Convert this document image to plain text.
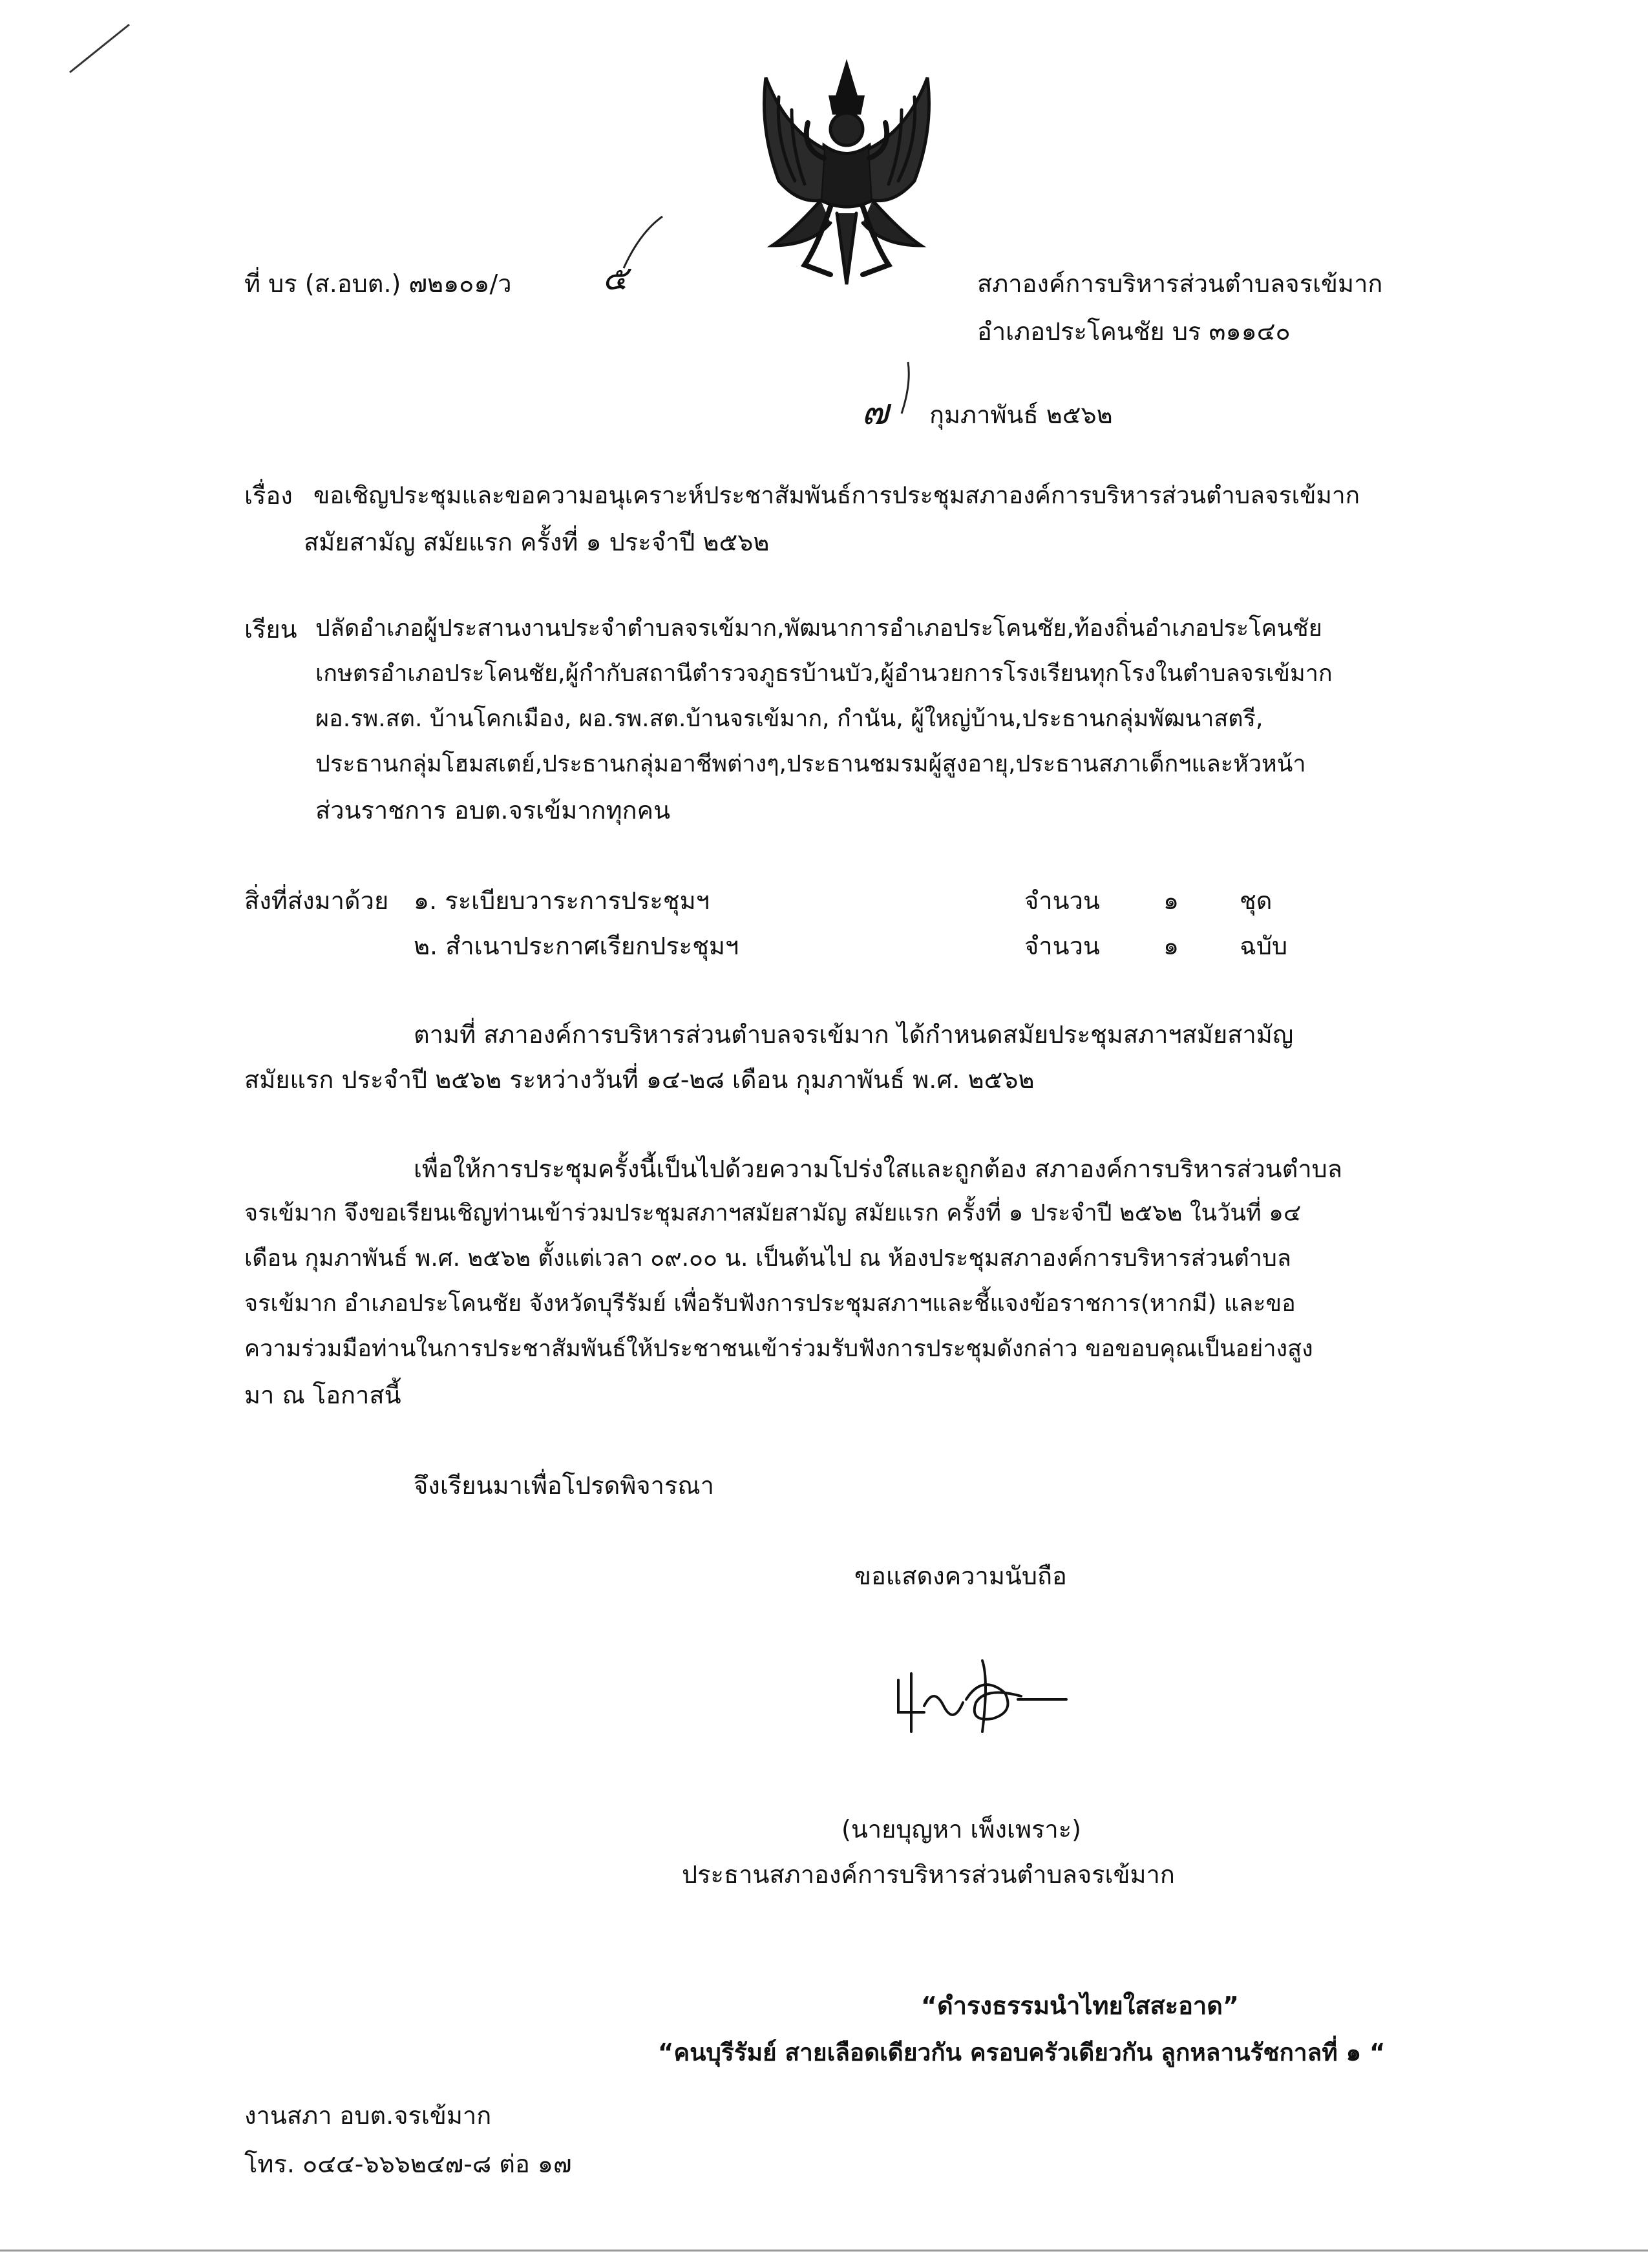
ที่ บร (ส.อบต.) ๗๒๑๐๑/ว	๕	สภาองค์การบริหารส่วนตำบลจรเข้มาก
อำเภอประโคนชัย บร ๓๑๑๔๐
๗ กุมภาพันธ์ ๒๕๖๒
เรื่อง ขอเชิญประชุมและขอความอนุเคราะห์ประชาสัมพันธ์การประชุมสภาองค์การบริหารส่วนตำบลจรเข้มาก
สมัยสามัญ สมัยแรก ครั้งที่ ๑ ประจำปี ๒๕๖๒
เรียน ปลัดอำเภอผู้ประสานงานประจำตำบลจรเข้มาก,พัฒนาการอำเภอประโคนชัย,ท้องถิ่นอำเภอประโคนชัย
เกษตรอำเภอประโคนชัย,ผู้กำกับสถานีตำรวจภูธรบ้านบัว,ผู้อำนวยการโรงเรียนทุกโรงในตำบลจรเข้มาก
ผอ.รพ.สต. บ้านโคกเมือง, ผอ.รพ.สต.บ้านจรเข้มาก, กำนัน, ผู้ใหญ่บ้าน,ประธานกลุ่มพัฒนาสตรี,
ประธานกลุ่มโฮมสเตย์,ประธานกลุ่มอาชีพต่างๆ,ประธานชมรมผู้สูงอายุ,ประธานสภาเด็กฯและหัวหน้า
ส่วนราชการ อบต.จรเข้มากทุกคน
สิ่งที่ส่งมาด้วย ๑. ระเบียบวาระการประชุมฯ	จำนวน	๑ ชุด
๒. สำเนาประกาศเรียกประชุมฯ	จำนวน	๑ ฉบับ
ตามที่ สภาองค์การบริหารส่วนตำบลจรเข้มาก ได้กำหนดสมัยประชุมสภาฯสมัยสามัญ
สมัยแรก ประจำปี ๒๕๖๒ ระหว่างวันที่ ๑๔-๒๘ เดือน กุมภาพันธ์ พ.ศ. ๒๕๖๒
เพื่อให้การประชุมครั้งนี้เป็นไปด้วยความโปร่งใสและถูกต้อง สภาองค์การบริหารส่วนตำบล
จรเข้มาก จึงขอเรียนเชิญท่านเข้าร่วมประชุมสภาฯสมัยสามัญ สมัยแรก ครั้งที่ ๑ ประจำปี ๒๕๖๒ ในวันที่ ๑๔
เดือน กุมภาพันธ์ พ.ศ. ๒๕๖๒ ตั้งแต่เวลา ๐๙.๐๐ น. เป็นต้นไป ณ ห้องประชุมสภาองค์การบริหารส่วนตำบล
จรเข้มาก อำเภอประโคนชัย จังหวัดบุรีรัมย์ เพื่อรับฟังการประชุมสภาฯและชี้แจงข้อราชการ(หากมี) และขอ
ความร่วมมือท่านในการประชาสัมพันธ์ให้ประชาชนเข้าร่วมรับฟังการประชุมดังกล่าว ขอขอบคุณเป็นอย่างสูง
มา ณ โอกาสนี้
จึงเรียนมาเพื่อโปรดพิจารณา
ขอแสดงความนับถือ
(นายบุญหา เพ็งเพราะ)
ประธานสภาองค์การบริหารส่วนตำบลจรเข้มาก
“ดำรงธรรมนำไทยใสสะอาด”
“คนบุรีรัมย์ สายเลือดเดียวกัน ครอบครัวเดียวกัน ลูกหลานรัชกาลที่ ๑ “
งานสภา อบต.จรเข้มาก
โทร. ๐๔๔-๖๖๖๒๔๗-๘ ต่อ ๑๗
